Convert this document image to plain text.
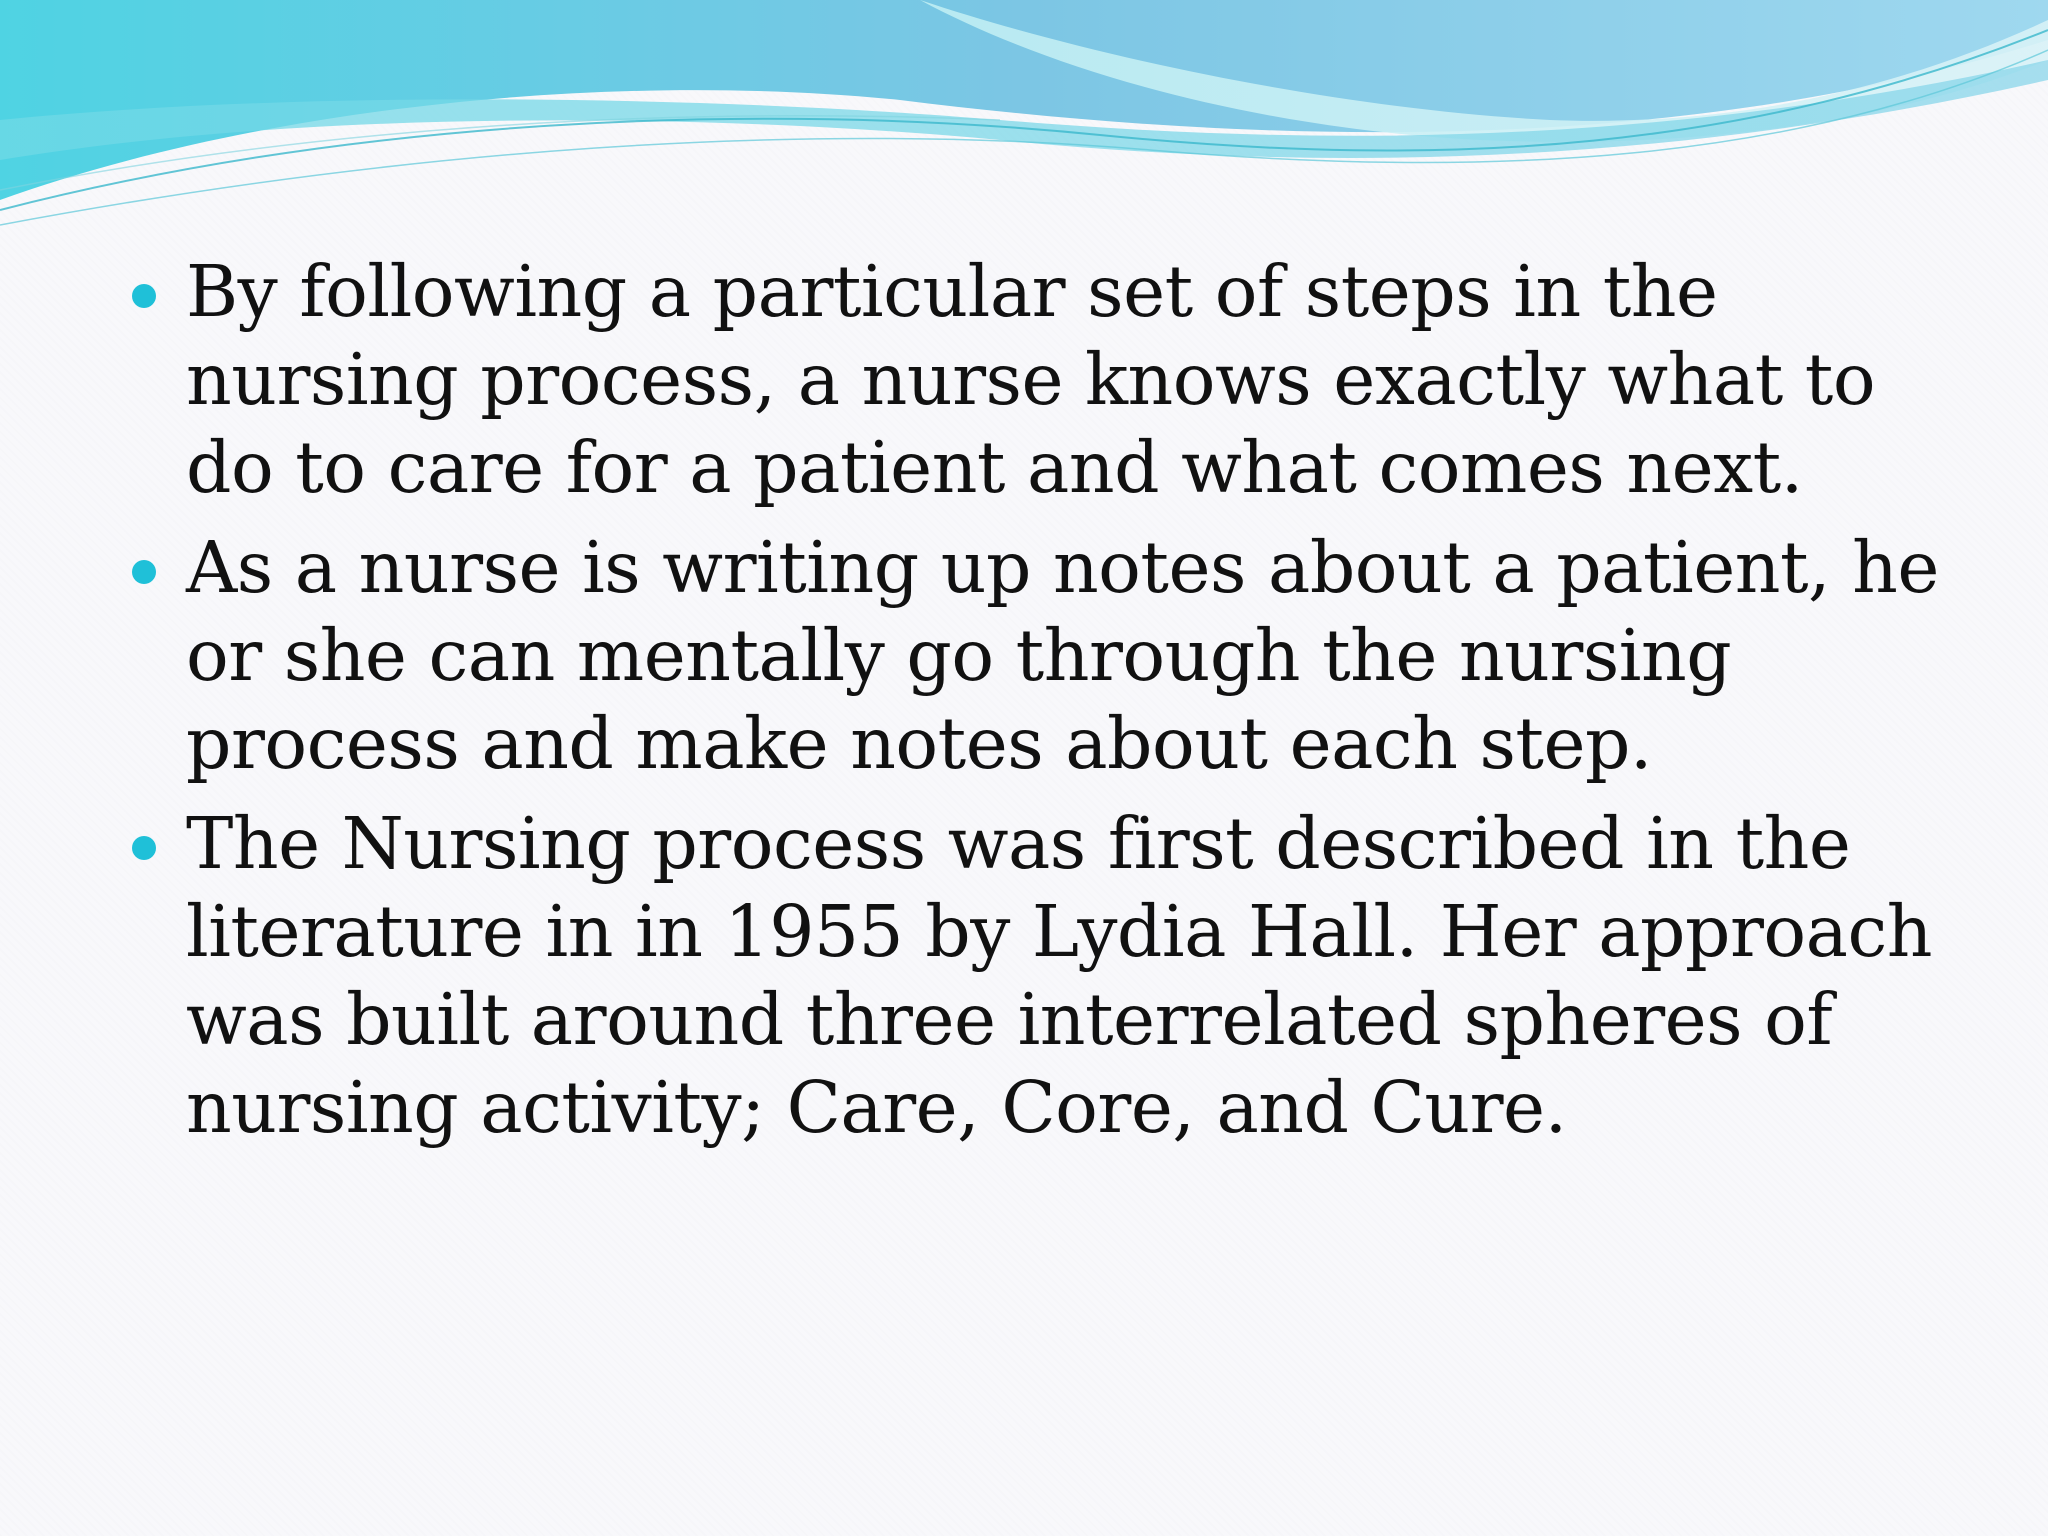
By following a particular set of steps in the nursing process, a nurse knows exactly what to do to care for a patient and what comes next.
As a nurse is writing up notes about a patient, he or she can mentally go through the nursing process and make notes about each step.
The Nursing process was first described in the literature in in 1955 by Lydia Hall. Her approach was built around three interrelated spheres of nursing activity; Care, Core, and Cure.
